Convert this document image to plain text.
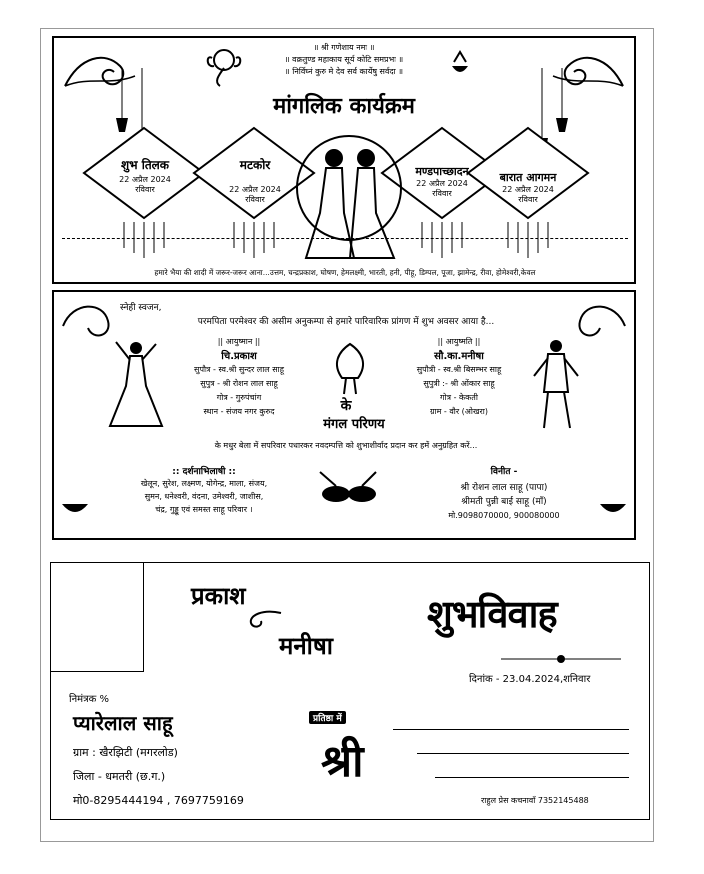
॥ श्री गणेशाय नमः ॥
॥ वक्रतुण्ड महाकाय सूर्य कोटि समप्रभः ॥
॥ निर्विघ्नं कुरु मे देव सर्व कार्येषु सर्वदा ॥
मांगलिक कार्यक्रम
शुभ तिलक
22 अप्रैल 2024
रविवार
मटकोर
22 अप्रैल 2024
रविवार
मण्डपाच्छादन
22 अप्रैल 2024
रविवार
बारात आगमन
22 अप्रैल 2024
रविवार
हमारे भैया की शादी में जरूर-जरूर आना...उत्तम, चन्द्रप्रकाश, घोषण, हेमलक्ष्मी, भारती, हनी, पीहू, डिम्पल, पूजा, झामेन्द्र, रीवा, होमेश्वरी,केवल
स्नेही स्वजन,
परमपिता परमेश्वर की असीम अनुकम्पा से हमारे पारिवारिक प्रांगण में शुभ अवसर आया है...
|| आयुष्मान ||
चि.प्रकाश
सुपौत्र - स्व.श्री सुन्दर लाल साहू
सुपुत्र - श्री रोशन लाल साहू
गोत्र - गुरुपंचांग
स्थान - संजय नगर कुरुद	के
मंगल परिणय
|| आयुष्मति ||
सौ.का.मनीषा
सुपौत्री - स्व.श्री बिसम्भर साहू
सुपुत्री :- श्री ओंकार साहू
गोत्र - केकती
ग्राम - वौर (ओखरा)
के मधुर बेला में सपरिवार पधारकर नवदम्पत्ति को शुभाशीर्वाद प्रदान कर हमें अनुग्रहित करें...
:: दर्शनाभिलाषी ::
खेलून, सुरेश, लक्ष्मण, योगेन्द्र, माला, संजय,
सुमन, धनेश्वरी, वंदना, उमेश्वरी, जाशीस,
चंद्र, गुड्डू एवं समस्त साहू परिवार ।
विनीत -
श्री रोशन लाल साहू (पापा)
श्रीमती पुन्नी बाई साहू (माँ)
मो.9098070000, 900080000
प्रकाश
मनीषा
शुभविवाह
दिनांक - 23.04.2024,शनिवार
निमंत्रक %
प्यारेलाल साहू
ग्राम : खैरझिटी (मगरलोड)
जिला - धमतरी (छ.ग.)
मो0-8295444194 , 7697759169
प्रतिष्ठा में
श्री
राहुल प्रेस कचनावाँ 7352145488
